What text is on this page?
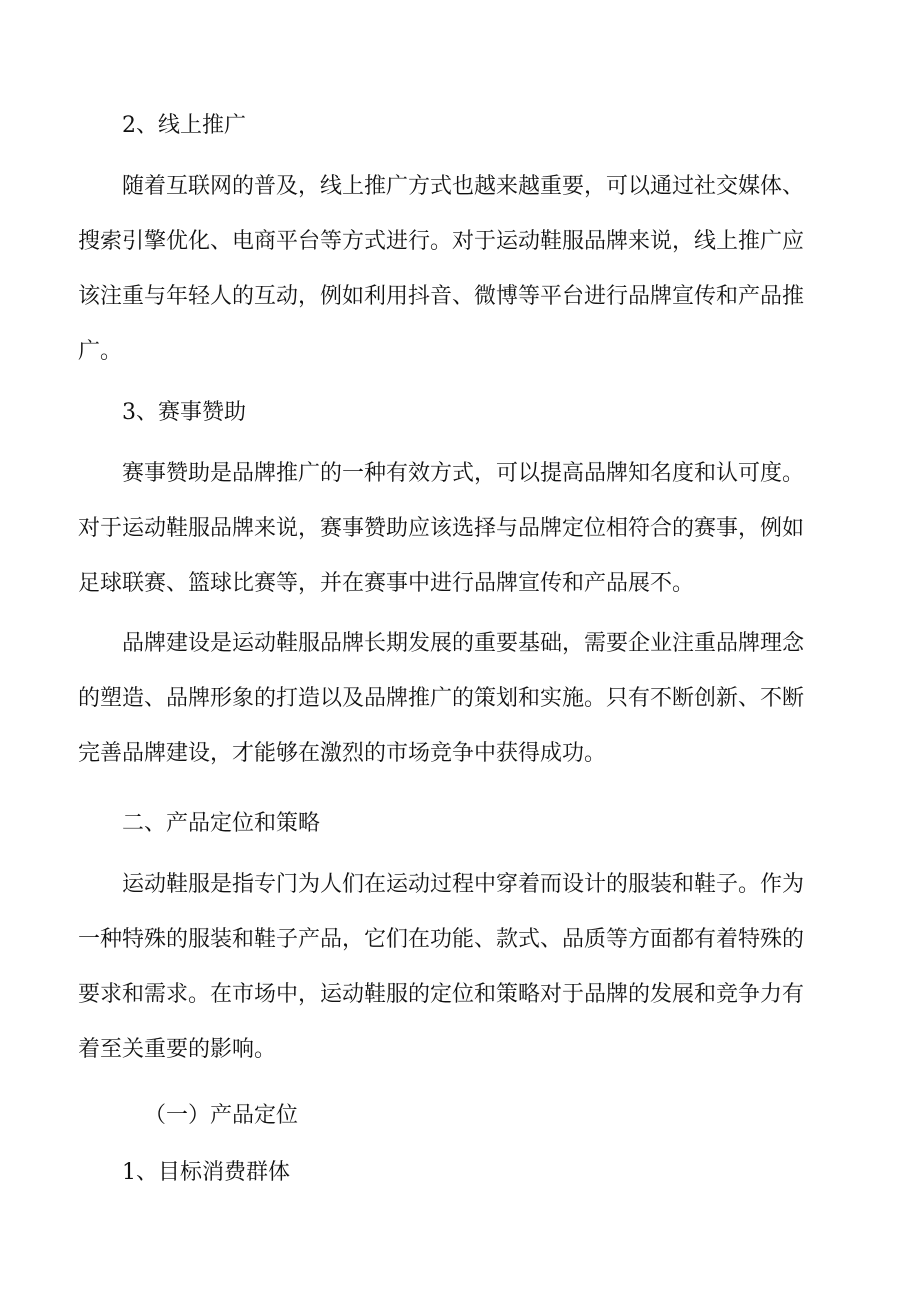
2、线上推广

随着互联网的普及，线上推广方式也越来越重要，可以通过社交媒体、

搜索引擎优化、电商平台等方式进行。对于运动鞋服品牌来说，线上推广应

该注重与年轻人的互动，例如利用抖音、微博等平台进行品牌宣传和产品推

广。

3、赛事赞助

赛事赞助是品牌推广的一种有效方式，可以提高品牌知名度和认可度。

对于运动鞋服品牌来说，赛事赞助应该选择与品牌定位相符合的赛事，例如

足球联赛、篮球比赛等，并在赛事中进行品牌宣传和产品展不。

品牌建设是运动鞋服品牌长期发展的重要基础，需要企业注重品牌理念

的塑造、品牌形象的打造以及品牌推广的策划和实施。只有不断创新、不断

完善品牌建设，才能够在激烈的市场竞争中获得成功。

二、产品定位和策略

运动鞋服是指专门为人们在运动过程中穿着而设计的服装和鞋子。作为

一种特殊的服装和鞋子产品，它们在功能、款式、品质等方面都有着特殊的

要求和需求。在市场中，运动鞋服的定位和策略对于品牌的发展和竞争力有

着至关重要的影响。

（一）产品定位

1、目标消费群体
